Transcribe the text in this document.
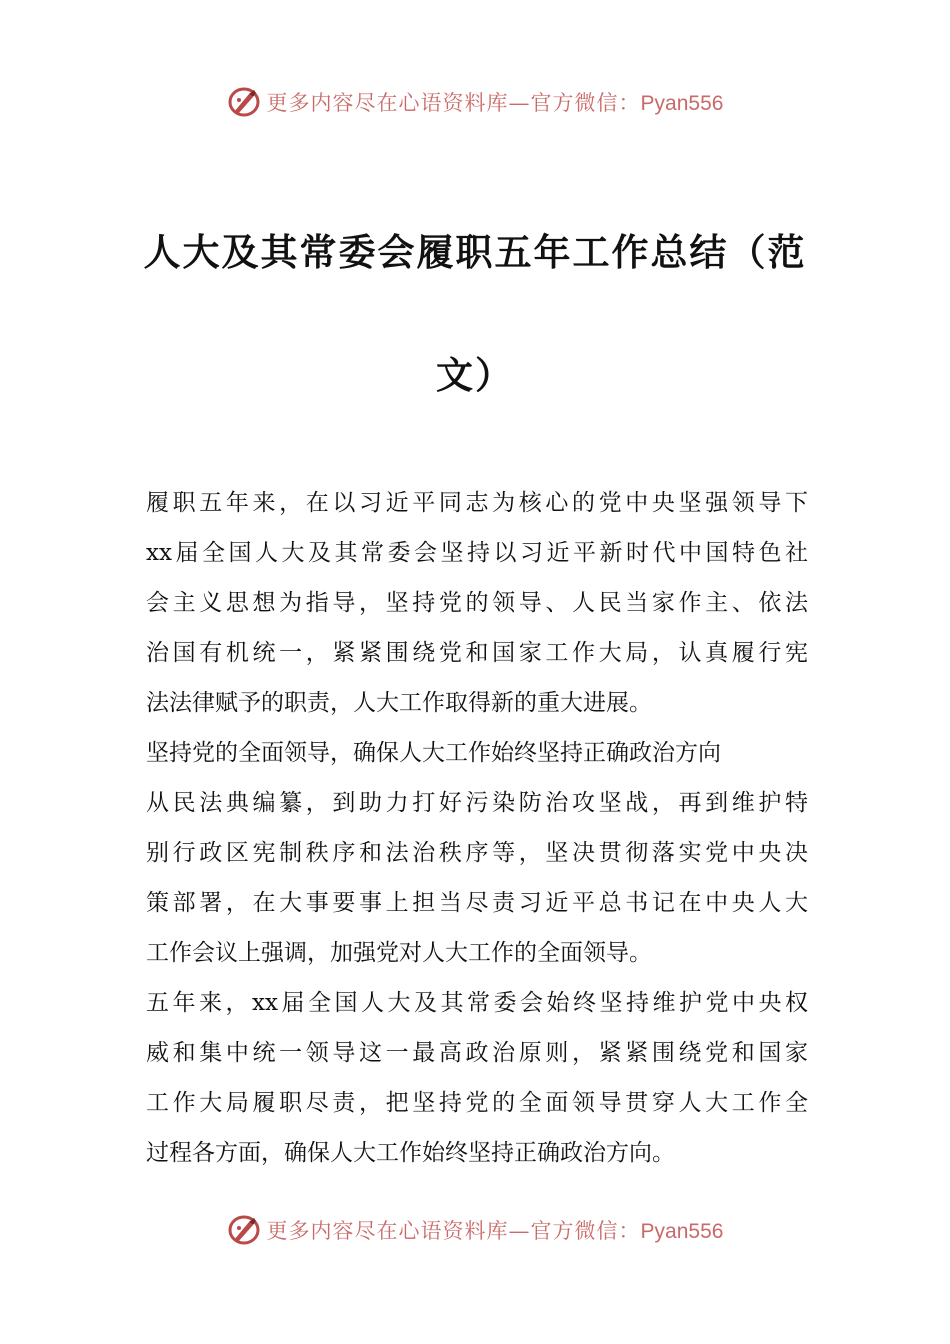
更多内容尽在心语资料库—官方微信：Pyan556
人大及其常委会履职五年工作总结（范
文）
履职五年来，在以习近平同志为核心的党中央坚强领导下
xx届全国人大及其常委会坚持以习近平新时代中国特色社
会主义思想为指导，坚持党的领导、人民当家作主、依法
治国有机统一，紧紧围绕党和国家工作大局，认真履行宪
法法律赋予的职责，人大工作取得新的重大进展。
坚持党的全面领导，确保人大工作始终坚持正确政治方向
从民法典编纂，到助力打好污染防治攻坚战，再到维护特
别行政区宪制秩序和法治秩序等，坚决贯彻落实党中央决
策部署，在大事要事上担当尽责习近平总书记在中央人大
工作会议上强调，加强党对人大工作的全面领导。
五年来，xx届全国人大及其常委会始终坚持维护党中央权
威和集中统一领导这一最高政治原则，紧紧围绕党和国家
工作大局履职尽责，把坚持党的全面领导贯穿人大工作全
过程各方面，确保人大工作始终坚持正确政治方向。
更多内容尽在心语资料库—官方微信：Pyan556
